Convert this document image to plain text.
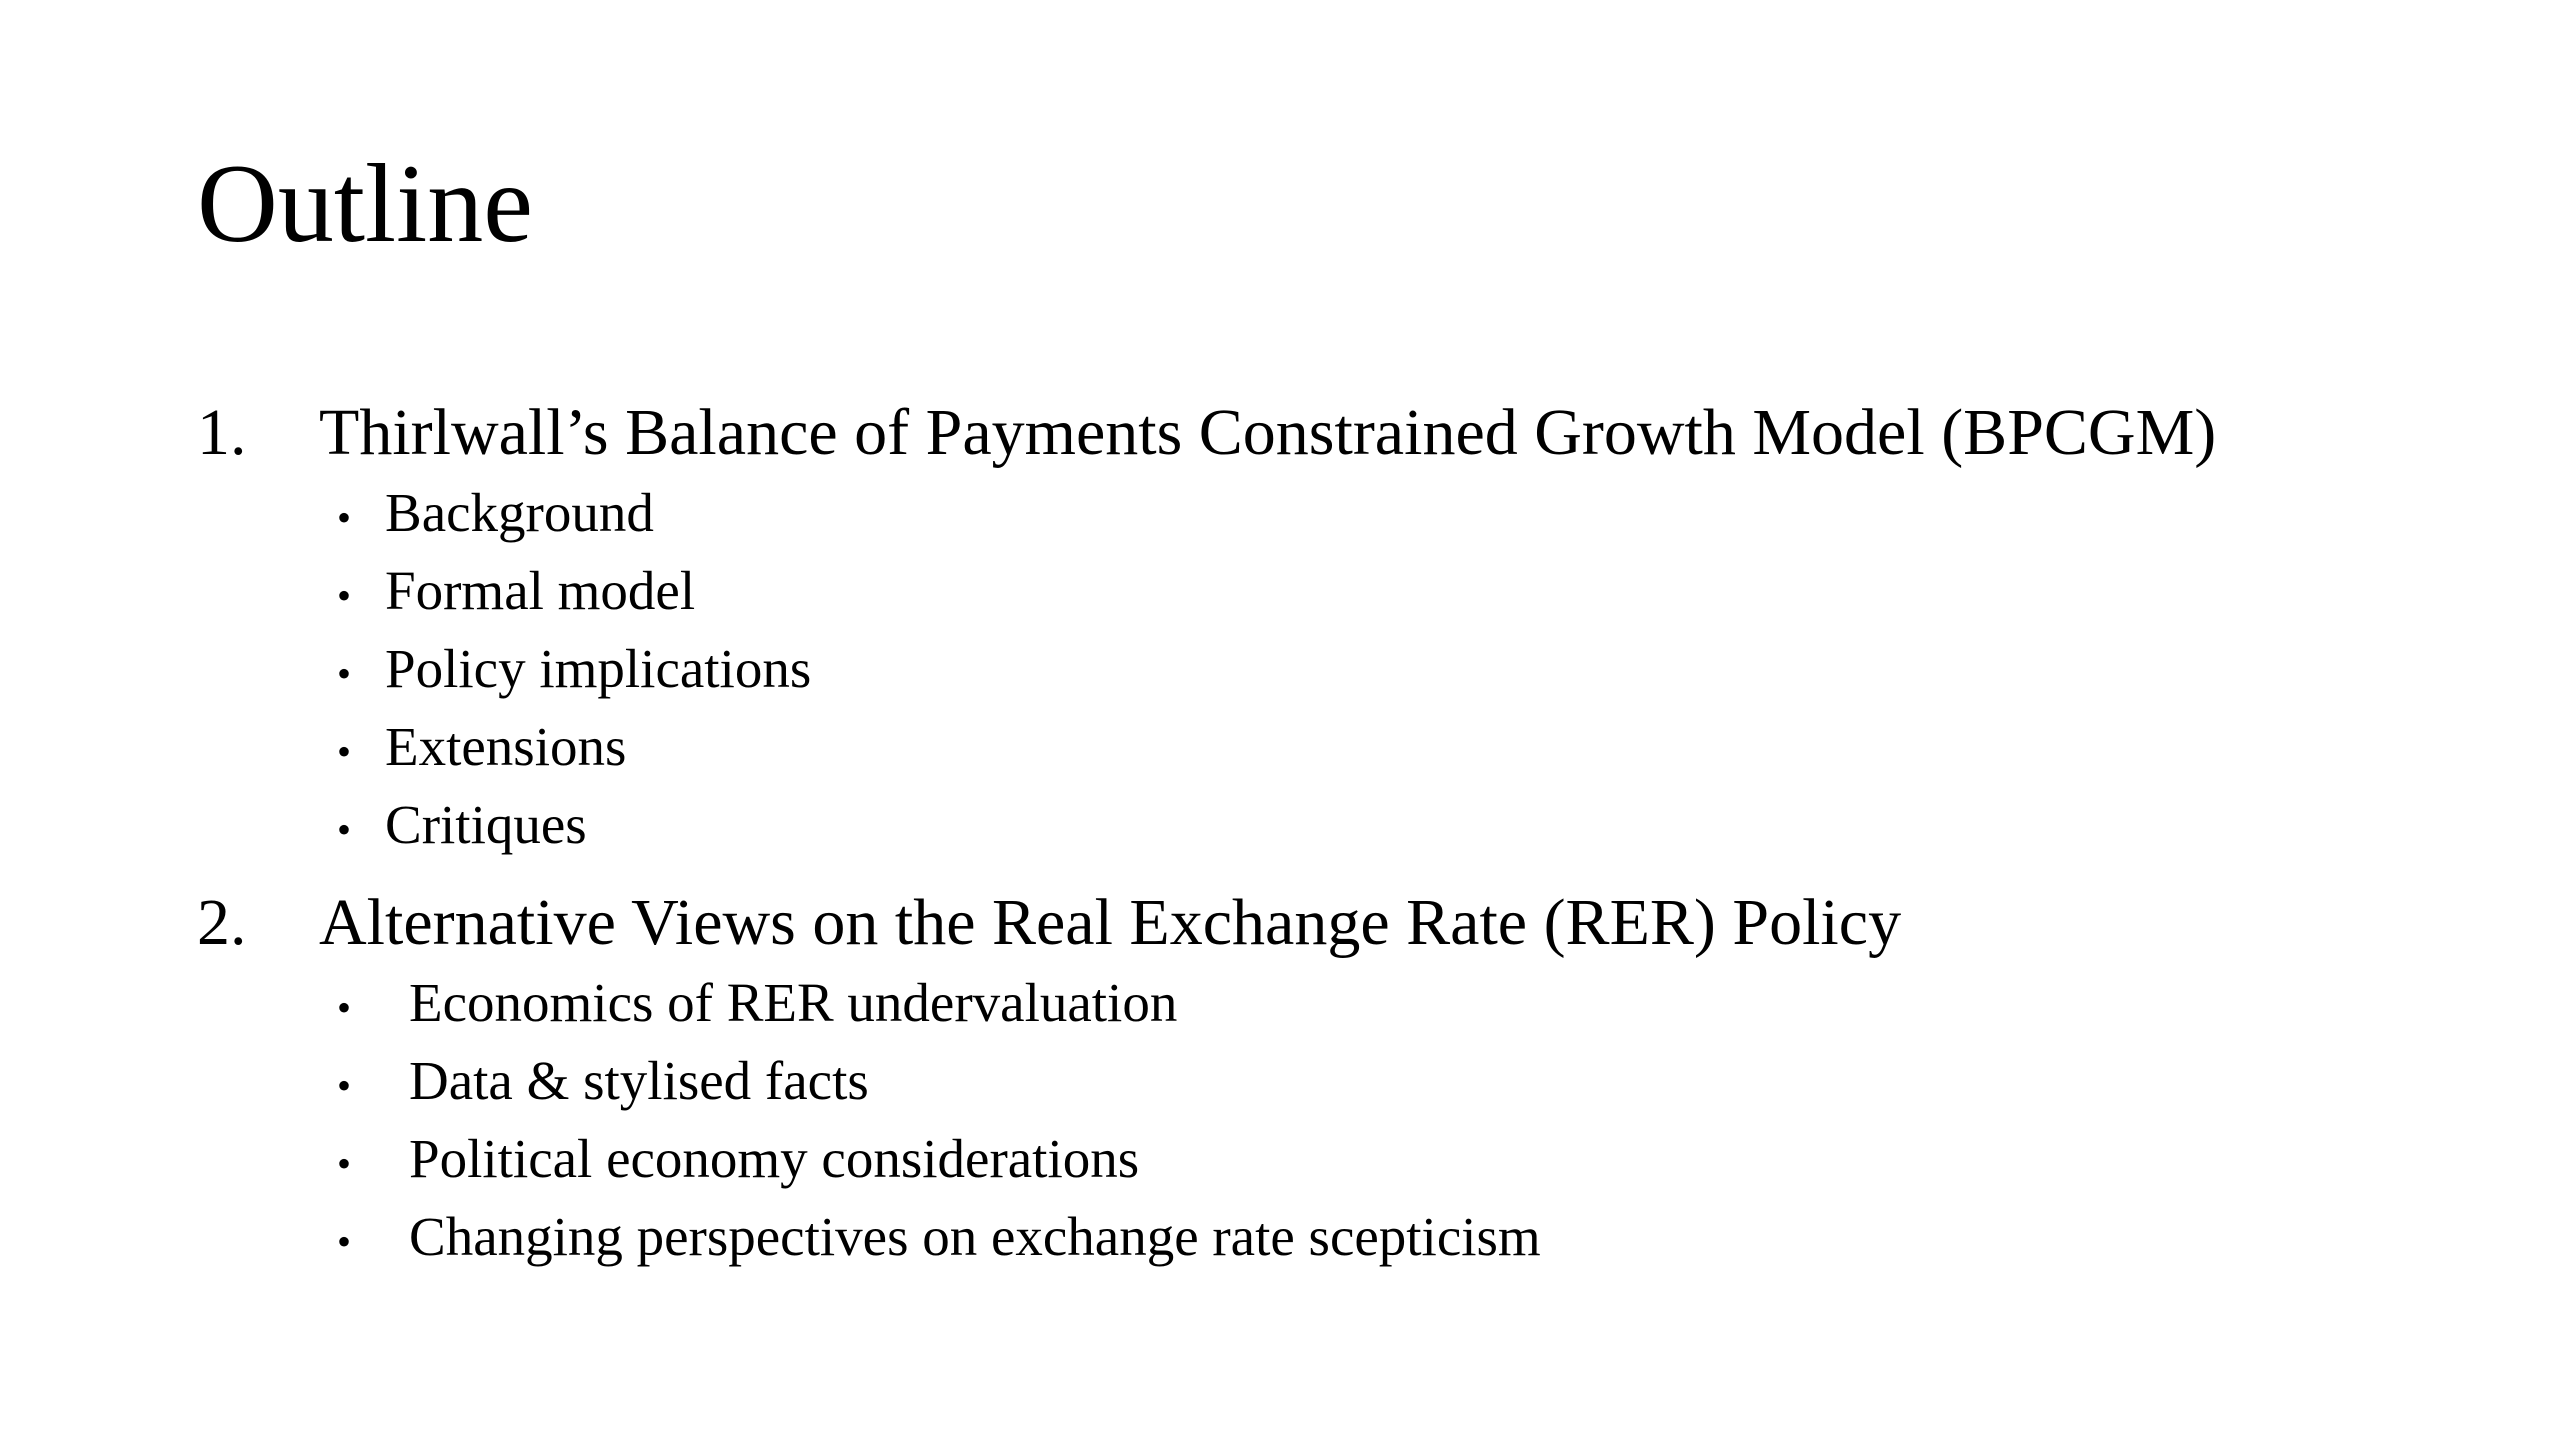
Outline
1.	Thirlwall’s Balance of Payments Constrained Growth Model (BPCGM)
• Background
• Formal model
• Policy implications
• Extensions
• Critiques
2.	Alternative Views on the Real Exchange Rate (RER) Policy
• Economics of RER undervaluation
• Data & stylised facts
• Political economy considerations
• Changing perspectives on exchange rate scepticism
